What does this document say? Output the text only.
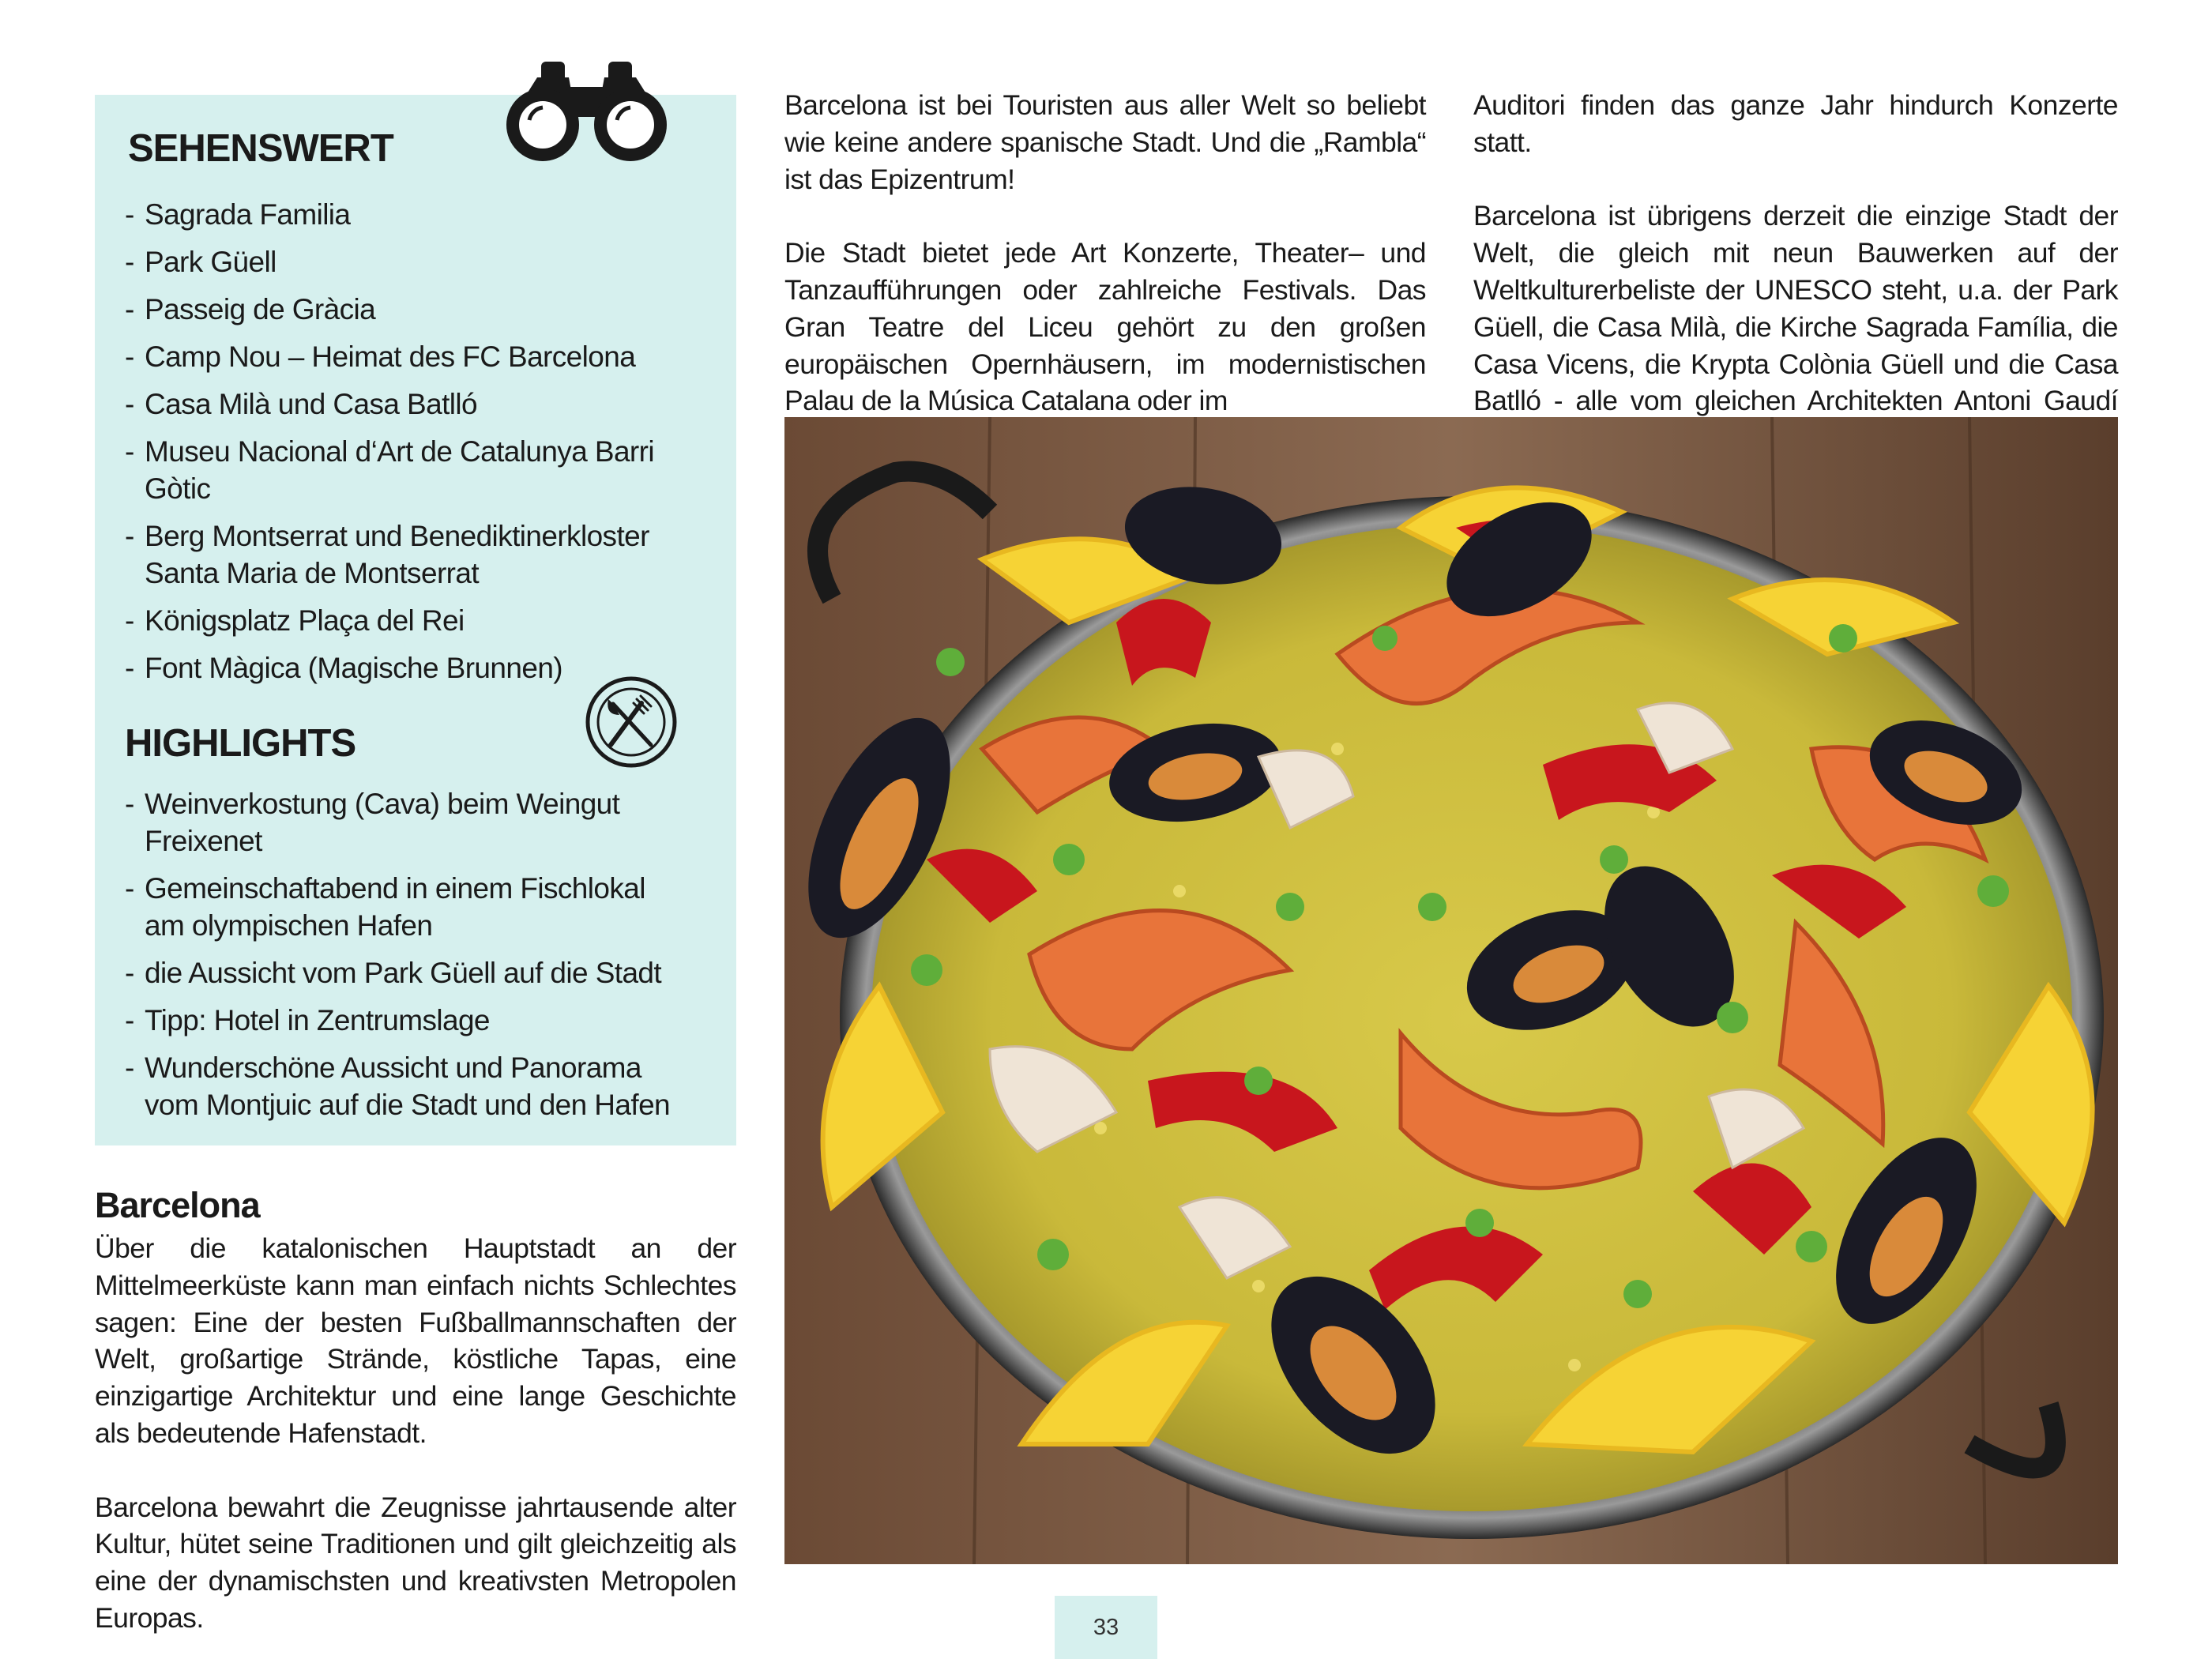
SEHENSWERT
- Sagrada Familia
- Park Güell
- Passeig de Gràcia
- Camp Nou – Heimat des FC Barcelona
- Casa Milà und Casa Batlló
- Museu Nacional d‘Art de Catalunya Barri Gòtic
- Berg Montserrat und Benediktinerkloster
Santa Maria de Montserrat
- Königsplatz Plaça del Rei
- Font Màgica (Magische Brunnen)
HIGHLIGHTS
- Weinverkostung (Cava) beim Weingut Freixenet
- Gemeinschaftabend in einem Fischlokal
am olympischen Hafen
- die Aussicht vom Park Güell auf die Stadt
- Tipp: Hotel in Zentrumslage
- Wunderschöne Aussicht und Panorama
vom Montjuic auf die Stadt und den Hafen
Barcelona

Über die katalonischen Hauptstadt an der Mittelmeerküste kann man einfach nichts Schlechtes sagen: Eine der besten Fußballmannschaften der Welt, großartige Strände, köstliche Tapas, eine einzigartige Architektur und eine lange Geschichte als bedeutende Hafenstadt.

Barcelona bewahrt die Zeugnisse jahrtausende alter Kultur, hütet seine Traditionen und gilt gleichzeitig als eine der dynamischsten und kreativsten Metropolen Europas.

Barcelona ist bei Touristen aus aller Welt so beliebt wie keine andere spanische Stadt. Und die „Rambla“ ist das Epizentrum!

Die Stadt bietet jede Art Konzerte, Theater– und Tanzaufführungen oder zahlreiche Festivals. Das Gran Teatre del Liceu gehört zu den großen europäischen Opernhäusern, im modernistischen Palau de la Música Catalana oder im

Auditori finden das ganze Jahr hindurch Konzerte statt.

Barcelona ist übrigens derzeit die einzige Stadt der Welt, die gleich mit neun Bauwerken auf der Weltkulturerbeliste der UNESCO steht, u.a. der Park Güell, die Casa Milà, die Kirche Sagrada Família, die Casa Vicens, die Krypta Colònia Güell und die Casa Batlló - alle vom gleichen Architekten Antoni Gaudí

33
